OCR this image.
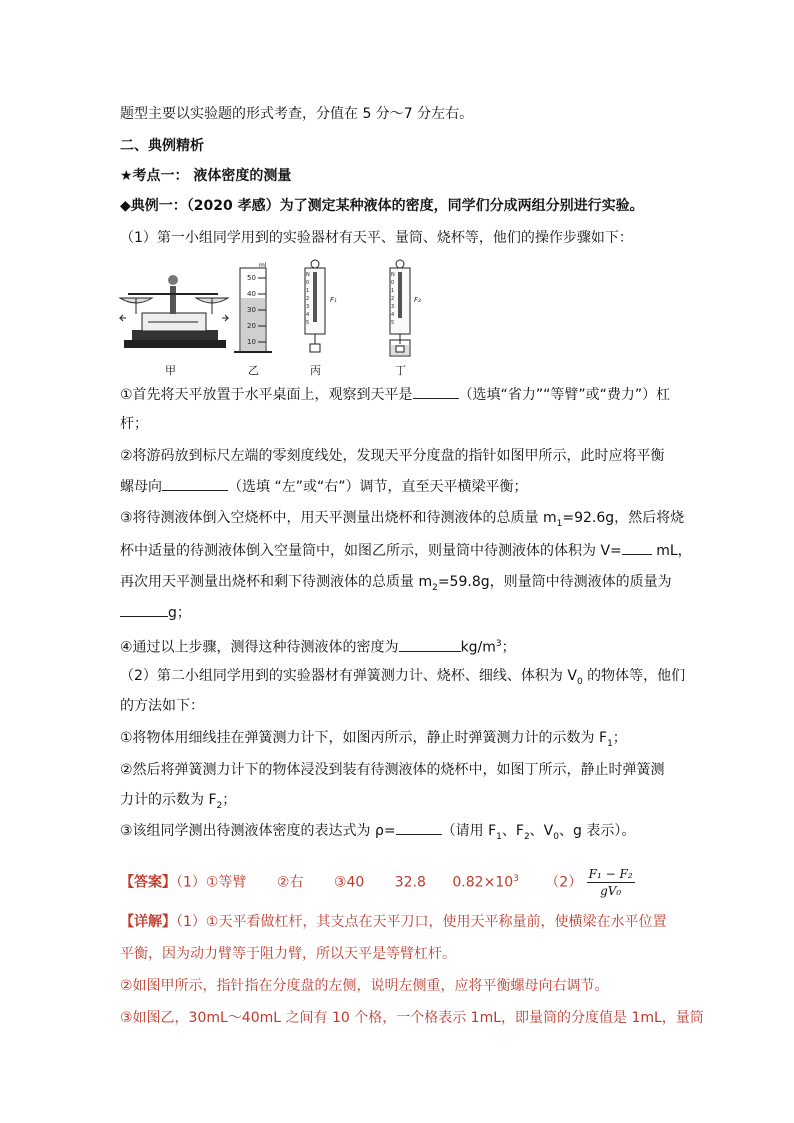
题型主要以实验题的形式考查，分值在 5 分～7 分左右。
二、典例精析
★考点一： 液体密度的测量
◆典例一：（2020 孝感）为了测定某种液体的密度，同学们分成两组分别进行实验。
（1）第一小组同学用到的实验器材有天平、量筒、烧杯等，他们的操作步骤如下：
ml
50
40
30
20
10
N
0
1
2
3
4
5
F₁
N
0
1
2
3
4
5
F₂
甲	乙	丙	丁
①首先将天平放置于水平桌面上，观察到天平是	（选填“省力”“等臂”或“费力”）杠
杆；
②将游码放到标尺左端的零刻度线处，发现天平分度盘的指针如图甲所示，此时应将平衡
螺母向	（选填 “左”或“右”）调节，直至天平横梁平衡；
③将待测液体倒入空烧杯中，用天平测量出烧杯和待测液体的总质量 $m_1=92.6g$，然后将烧
杯中适量的待测液体倒入空量筒中，如图乙所示，则量筒中待测液体的体积为 V= mL，
再次用天平测量出烧杯和剩下待测液体的总质量 $m_2=59.8g$，则量筒中待测液体的质量为
g；
④通过以上步骤，测得这种待测液体的密度为	$kg/m^3$；
（2）第二小组同学用到的实验器材有弹簧测力计、烧杯、细线、体积为 $V_0$ 的物体等，他们
的方法如下：
①将物体用细线挂在弹簧测力计下，如图丙所示，静止时弹簧测力计的示数为 $F_1$；
②然后将弹簧测力计下的物体浸没到装有待测液体的烧杯中，如图丁所示，静止时弹簧测
力计的示数为 $F_2$；
③该组同学测出待测液体密度的表达式为 ρ=	（请用 $F_1$、$F_2$、$V_0$、g 表示）。
【答案】（1）①等臂 ②右 ③40 32.8 $0.82\times 10^3$ $(2) \frac{\text{F₁ − F₂}}{\text{gV₀}}$
【详解】（1）①天平看做杠杆，其支点在天平刀口，使用天平称量前，使横梁在水平位置
平衡，因为动力臂等于阻力臂，所以天平是等臂杠杆。
②如图甲所示，指针指在分度盘的左侧，说明左侧重，应将平衡螺母向右调节。
③如图乙，30mL～40mL 之间有 10 个格，一个格表示 1mL，即量筒的分度值是 1mL，量筒
